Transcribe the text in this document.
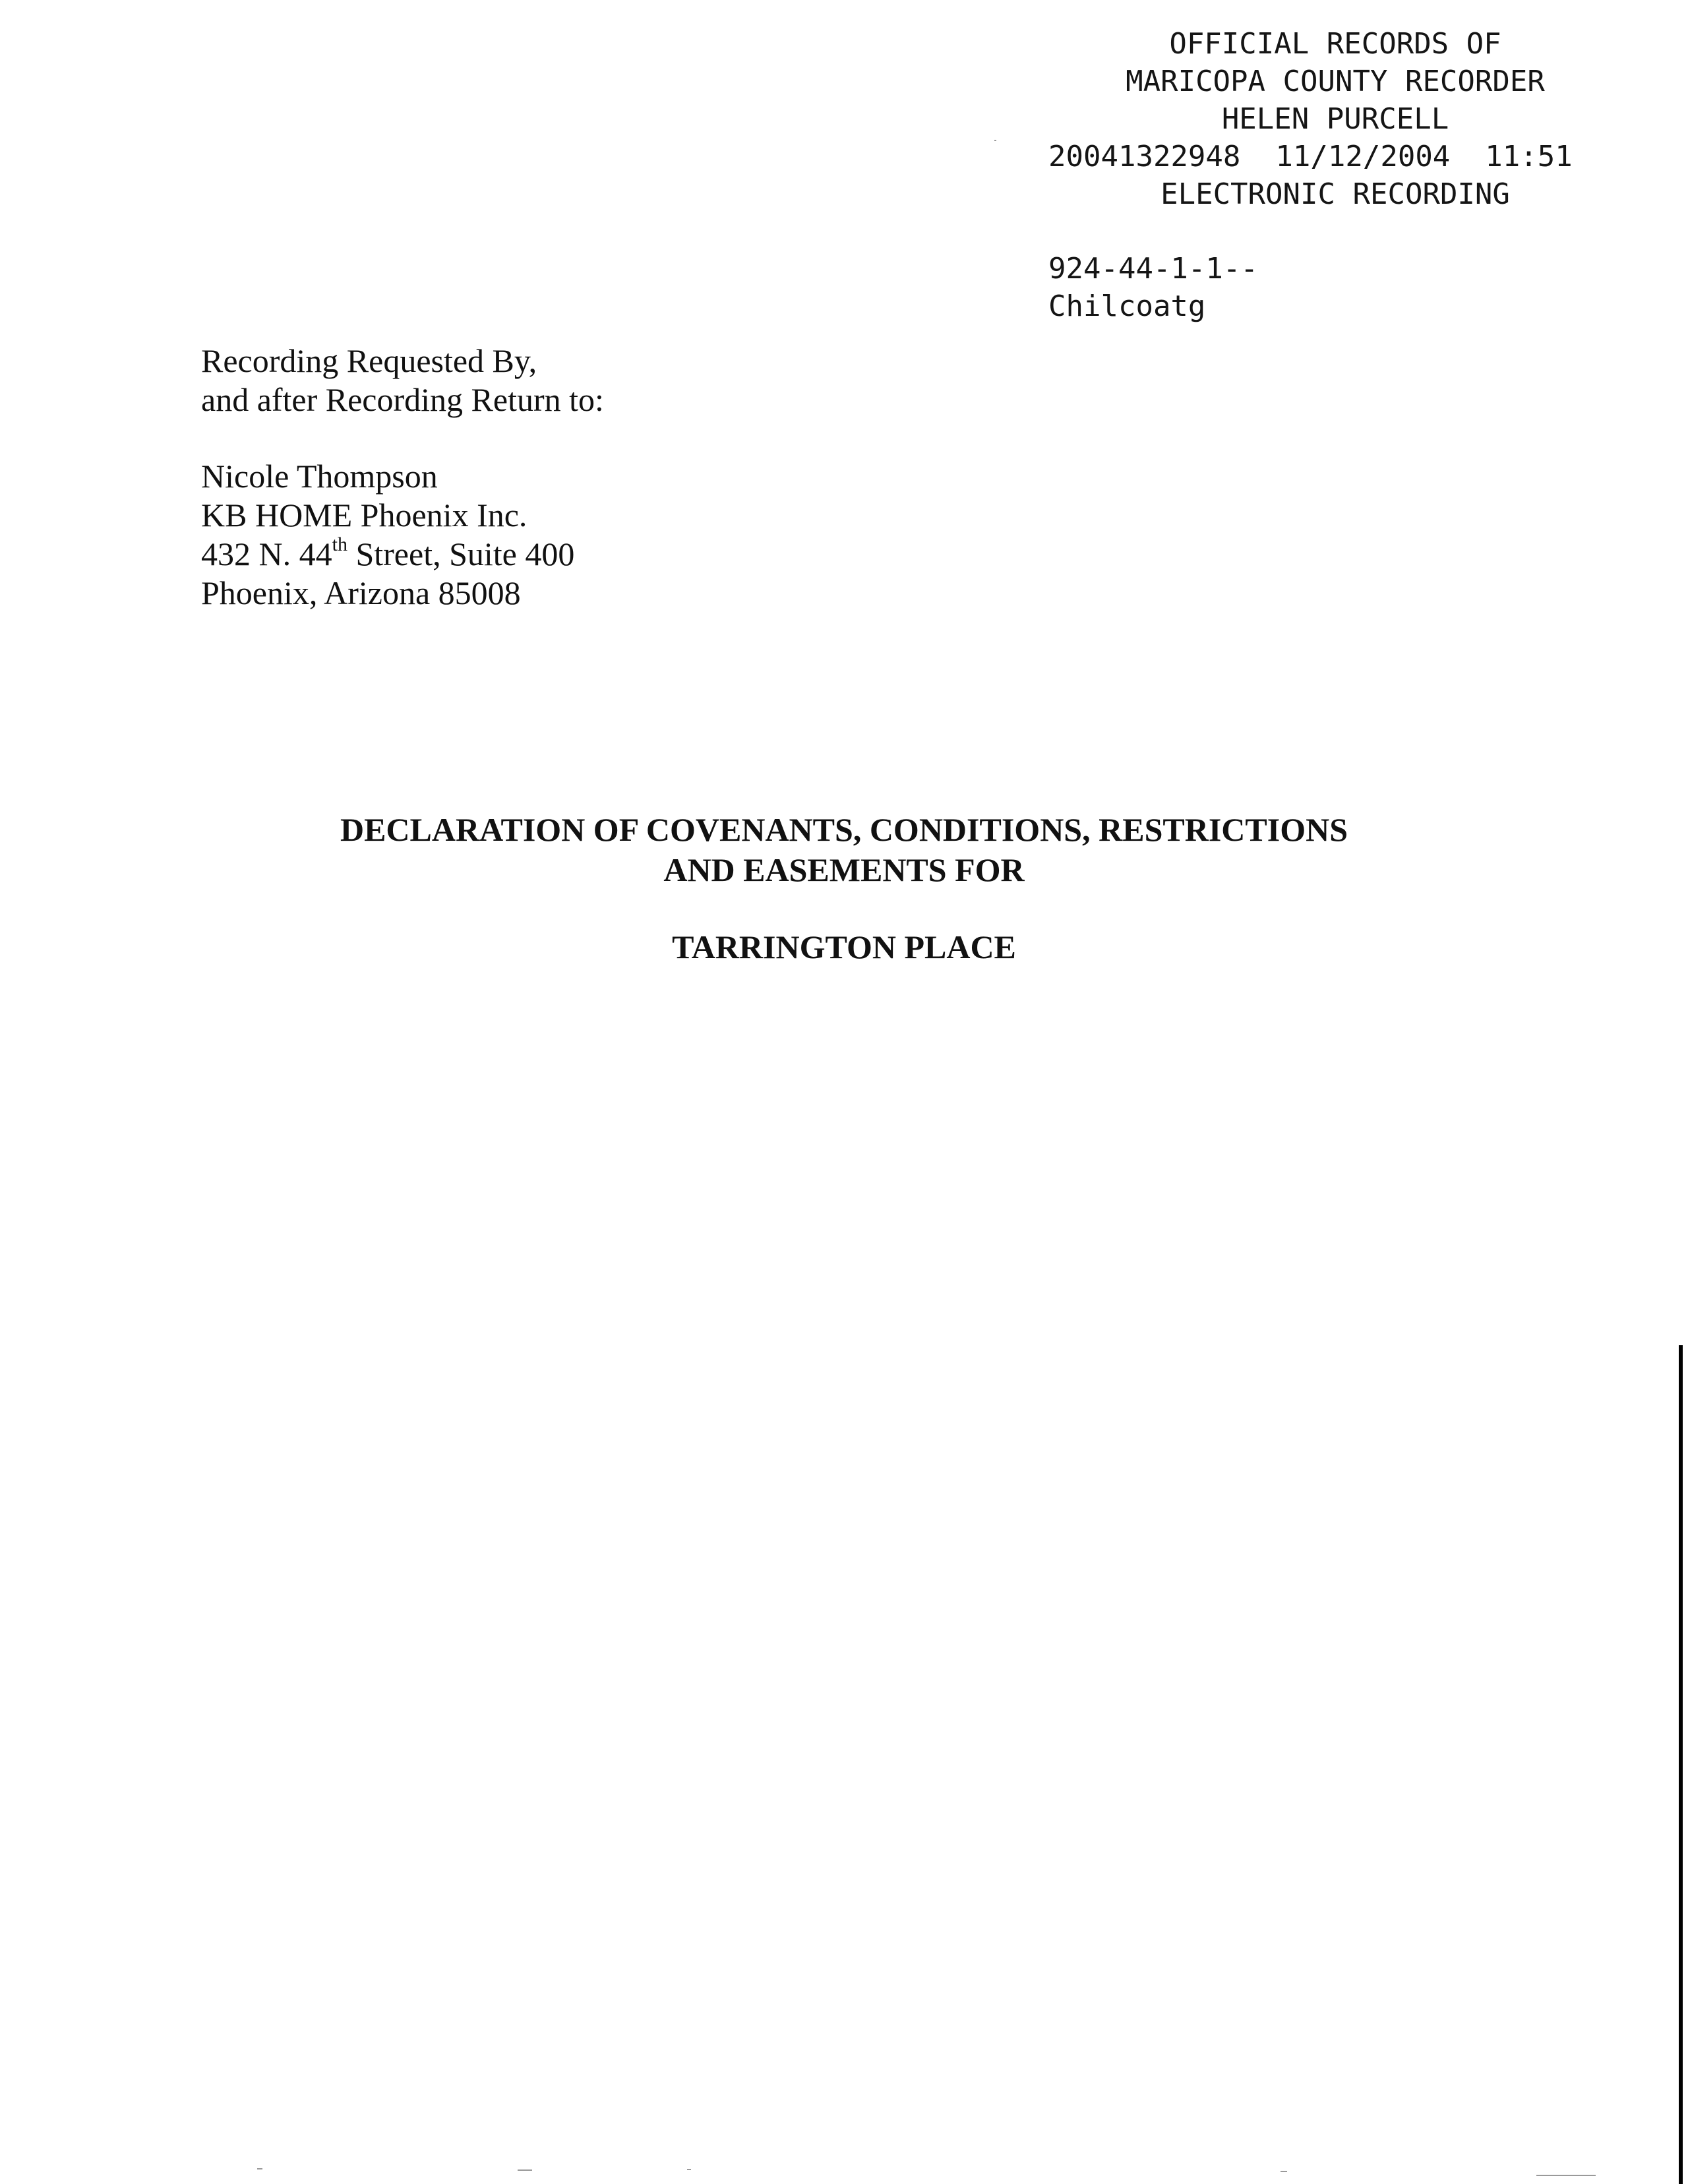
OFFICIAL RECORDS OF
MARICOPA COUNTY RECORDER
HELEN PURCELL
20041322948 11/12/2004 11:51
ELECTRONIC RECORDING
924-44-1-1--
Chilcoatg
Recording Requested By,
and after Recording Return to:
Nicole Thompson
KB HOME Phoenix Inc.
432 N. 44th Street, Suite 400
Phoenix, Arizona 85008
DECLARATION OF COVENANTS, CONDITIONS, RESTRICTIONS
AND EASEMENTS FOR
TARRINGTON PLACE
